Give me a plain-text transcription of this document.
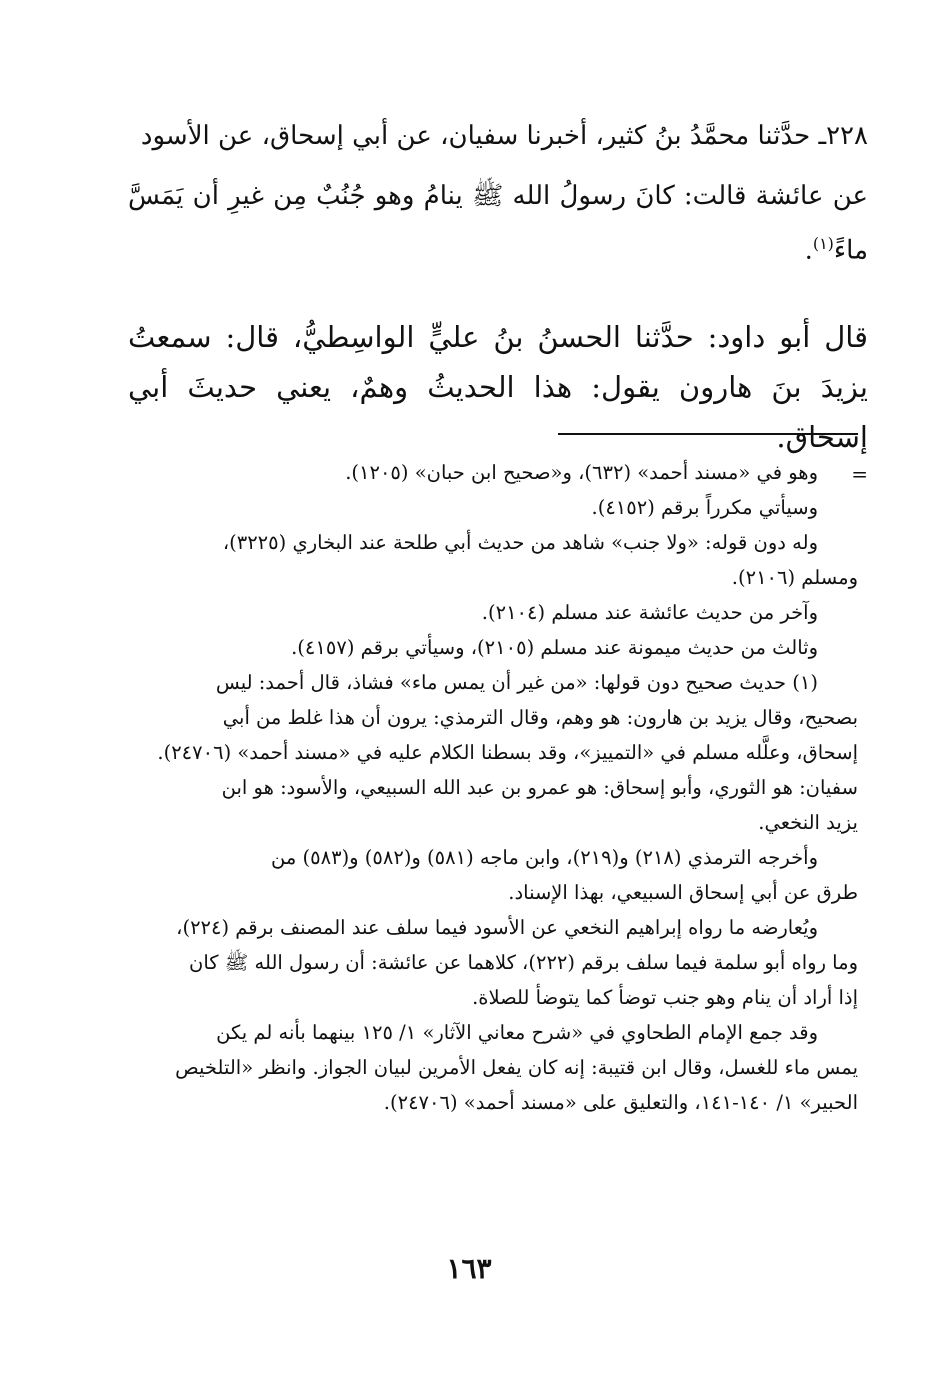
٢٢٨ـ حدَّثنا محمَّدُ بنُ كثير، أخبرنا سفيان، عن أبي إسحاق، عن الأسود
عن عائشة قالت: كانَ رسولُ الله ﷺ ينامُ وهو جُنُبٌ مِن غيرِ أن يَمَسَّ ماءً$^{(١)}$.
قال أبو داود: حدَّثنا الحسنُ بنُ عليٍّ الواسِطيُّ، قال: سمعتُ يزيدَ بنَ هارون يقول: هذا الحديثُ وهمٌ، يعني حديثَ أبي إسحاق.
=
وهو في «مسند أحمد» (٦٣٢)، و«صحيح ابن حبان» (١٢٠٥).
وسيأتي مكرراً برقم (٤١٥٢).
وله دون قوله: «ولا جنب» شاهد من حديث أبي طلحة عند البخاري (٣٢٢٥)،
ومسلم (٢١٠٦).
وآخر من حديث عائشة عند مسلم (٢١٠٤).
وثالث من حديث ميمونة عند مسلم (٢١٠٥)، وسيأتي برقم (٤١٥٧).
(١) حديث صحيح دون قولها: «من غير أن يمس ماء» فشاذ، قال أحمد: ليس
بصحيح، وقال يزيد بن هارون: هو وهم، وقال الترمذي: يرون أن هذا غلط من أبي
إسحاق، وعلَّله مسلم في «التمييز»، وقد بسطنا الكلام عليه في «مسند أحمد» (٢٤٧٠٦).
سفيان: هو الثوري، وأبو إسحاق: هو عمرو بن عبد الله السبيعي، والأسود: هو ابن
يزيد النخعي.
وأخرجه الترمذي (٢١٨) و(٢١٩)، وابن ماجه (٥٨١) و(٥٨٢) و(٥٨٣) من
طرق عن أبي إسحاق السبيعي، بهذا الإسناد.
ويُعارضه ما رواه إبراهيم النخعي عن الأسود فيما سلف عند المصنف برقم (٢٢٤)،
وما رواه أبو سلمة فيما سلف برقم (٢٢٢)، كلاهما عن عائشة: أن رسول الله ﷺ كان
إذا أراد أن ينام وهو جنب توضأ كما يتوضأ للصلاة.
وقد جمع الإمام الطحاوي في «شرح معاني الآثار» ١/ ١٢٥ بينهما بأنه لم يكن
يمس ماء للغسل، وقال ابن قتيبة: إنه كان يفعل الأمرين لبيان الجواز. وانظر «التلخيص
الحبير» ١/ ١٤٠-١٤١، والتعليق على «مسند أحمد» (٢٤٧٠٦).
١٦٣
